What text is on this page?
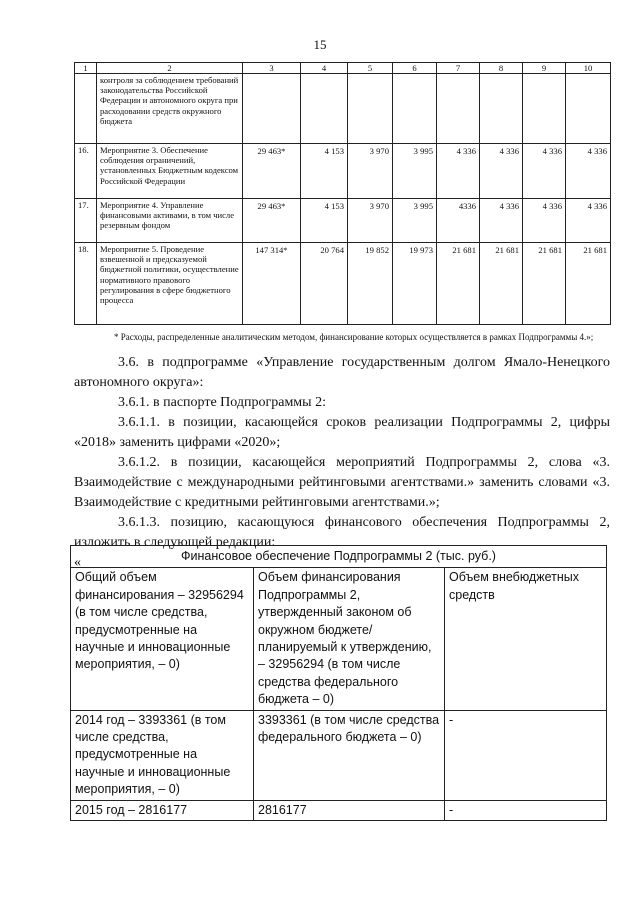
15
1	2	3	4	5	6	7	8	9	10
	контроля за соблюдением требований законодательства Российской Федерации и автономного округа при расходовании средств окружного бюджета								
16.	Мероприятие 3. Обеспечение соблюдения ограничений, установленных Бюджетным кодексом Российской Федерации	29 463*	4 153	3 970	3 995	4 336	4 336	4 336	4 336
17.	Мероприятие 4. Управление финансовыми активами, в том числе резервным фондом	29 463*	4 153	3 970	3 995	4336	4 336	4 336	4 336
18.	Мероприятие 5. Проведение взвешенной и предсказуемой бюджетной политики, осуществление нормативного правового регулирования в сфере бюджетного процесса	147 314*	20 764	19 852	19 973	21 681	21 681	21 681	21 681
* Расходы, распределенные аналитическим методом, финансирование которых осуществляется в рамках Подпрограммы 4.»;

3.6. в подпрограмме «Управление государственным долгом Ямало-Ненецкого автономного округа»:

3.6.1. в паспорте Подпрограммы 2:

3.6.1.1. в позиции, касающейся сроков реализации Подпрограммы 2, цифры «2018» заменить цифрами «2020»;

3.6.1.2. в позиции, касающейся мероприятий Подпрограммы 2, слова «3. Взаимодействие с международными рейтинговыми агентствами.» заменить словами «3. Взаимодействие с кредитными рейтинговыми агентствами.»;

3.6.1.3. позицию, касающуюся финансового обеспечения Подпрограммы 2, изложить в следующей редакции:

«	Финансовое обеспечение Подпрограммы 2 (тыс. руб.)		
Общий объем финансирования – 32956294 (в том числе средства, предусмотренные на научные и инновационные мероприятия, – 0)	Объем финансирования Подпрограммы 2, утвержденный законом об окружном бюджете/ планируемый к утверждению, – 32956294 (в том числе средства федерального бюджета – 0)	Объем внебюджетных средств
2014 год – 3393361 (в том числе средства, предусмотренные на научные и инновационные мероприятия, – 0)	3393361 (в том числе средства федерального бюджета – 0)	-
2015 год – 2816177	2816177	-
